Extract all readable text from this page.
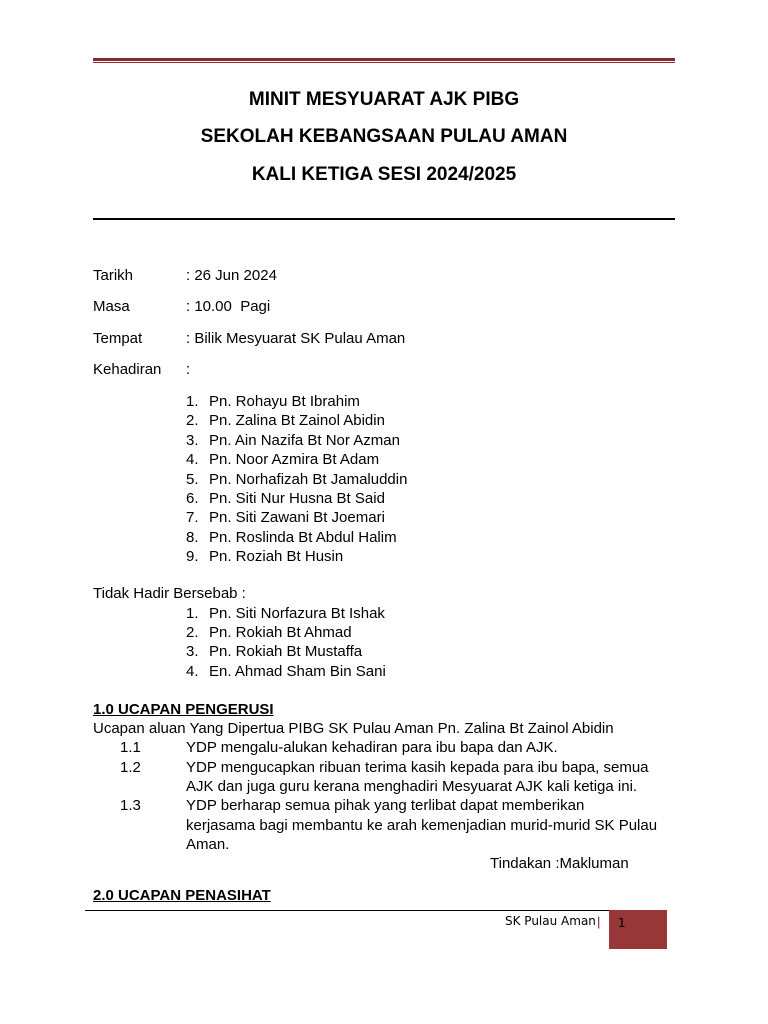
MINIT MESYUARAT AJK PIBG
SEKOLAH KEBANGSAAN PULAU AMAN
KALI KETIGA SESI 2024/2025
Tarikh	: 26 Jun 2024
Masa	: 10.00  Pagi
Tempat	: Bilik Mesyuarat SK Pulau Aman
Kehadiran :
1. Pn. Rohayu Bt Ibrahim
2. Pn. Zalina Bt Zainol Abidin
3. Pn. Ain Nazifa Bt Nor Azman
4. Pn. Noor Azmira Bt Adam
5. Pn. Norhafizah Bt Jamaluddin
6. Pn. Siti Nur Husna Bt Said
7. Pn. Siti Zawani Bt Joemari
8. Pn. Roslinda Bt Abdul Halim
9. Pn. Roziah Bt Husin
Tidak Hadir Bersebab :
1. Pn. Siti Norfazura Bt Ishak
2. Pn. Rokiah Bt Ahmad
3. Pn. Rokiah Bt Mustaffa
4. En. Ahmad Sham Bin Sani
1.0 UCAPAN PENGERUSI
Ucapan aluan Yang Dipertua PIBG SK Pulau Aman Pn. Zalina Bt Zainol Abidin
1.1	YDP mengalu-alukan kehadiran para ibu bapa dan AJK.
1.2	YDP mengucapkan ribuan terima kasih kepada para ibu bapa, semua
AJK dan juga guru kerana menghadiri Mesyuarat AJK kali ketiga ini.
1.3	YDP berharap semua pihak yang terlibat dapat memberikan
kerjasama bagi membantu ke arah kemenjadian murid-murid SK Pulau
Aman.
Tindakan :Makluman
2.0 UCAPAN PENASIHAT
SK Pulau Aman | 1
